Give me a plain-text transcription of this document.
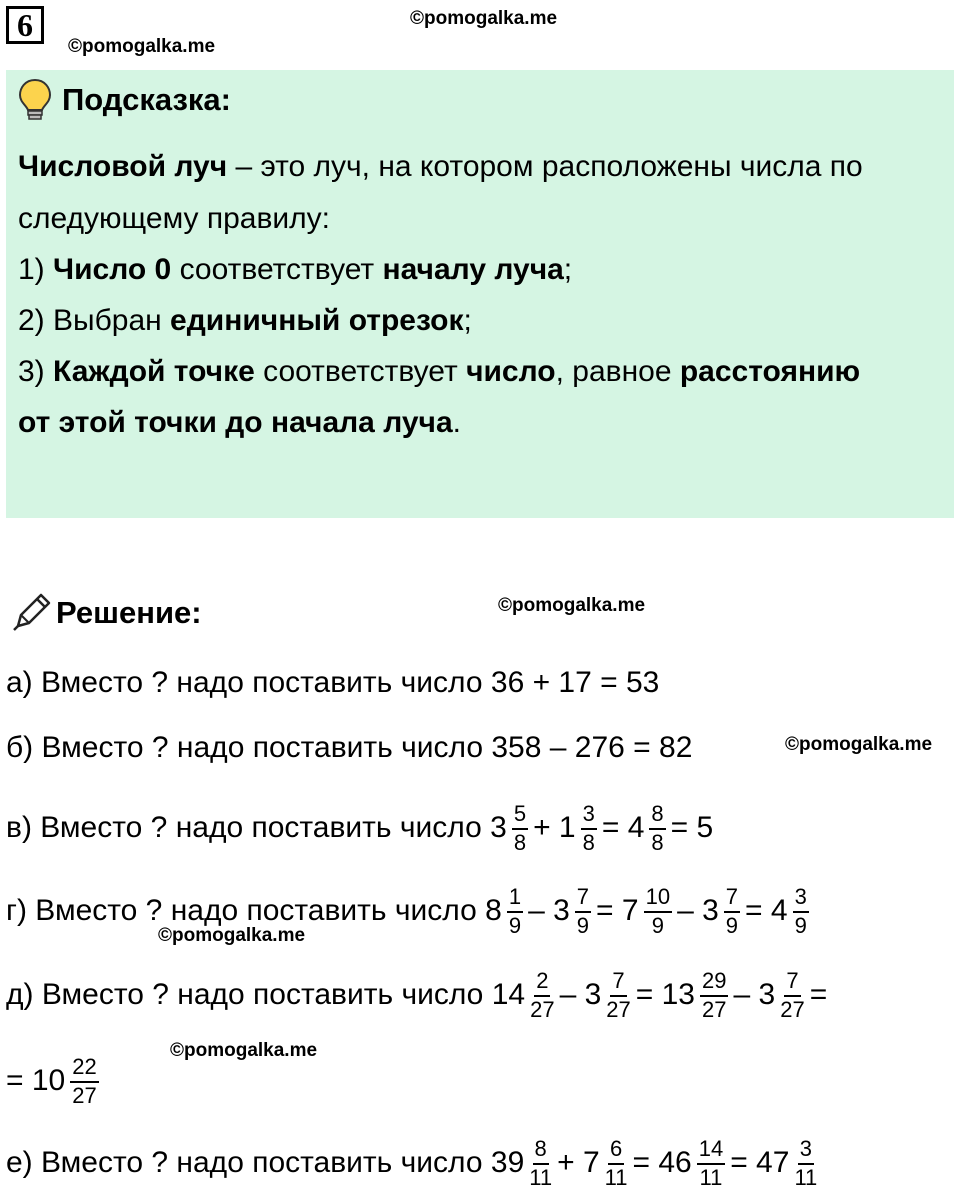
6	©pomogalka.me
©pomogalka.me
Подсказка:
Числовой луч – это луч, на котором расположены числа по
следующему правилу:
1) Число 0 соответствует началу луча;
2) Выбран единичный отрезок;
3) Каждой точке соответствует число, равное расстоянию
от этой точки до начала луча.
Решение:	©pomogalka.me
а) Вместо ? надо поставить число 36 + 17 = 53
б) Вместо ? надо поставить число 358 – 276 = 82	©pomogalka.me
в) Вместо ? надо поставить число $3 \frac{5}{8} + 1 \frac{3}{8} = 4 \frac{8}{8} = 5$
г) Вместо ? надо поставить число $8 \frac{1}{9} - 3 \frac{7}{9} = 7 \frac{10}{9} - 3 \frac{7}{9} = 4 \frac{3}{9}$
©pomogalka.me
д) Вместо ? надо поставить число $14 \frac{2}{27} - 3 \frac{7}{27} = 13 \frac{29}{27} - 3 \frac{7}{27}$ =
= $10 \frac{22}{27}$
©pomogalka.me
е) Вместо ? надо поставить число $39 \frac{8}{11} + 7 \frac{6}{11} = 46 \frac{14}{11} = 47 \frac{3}{11}$
